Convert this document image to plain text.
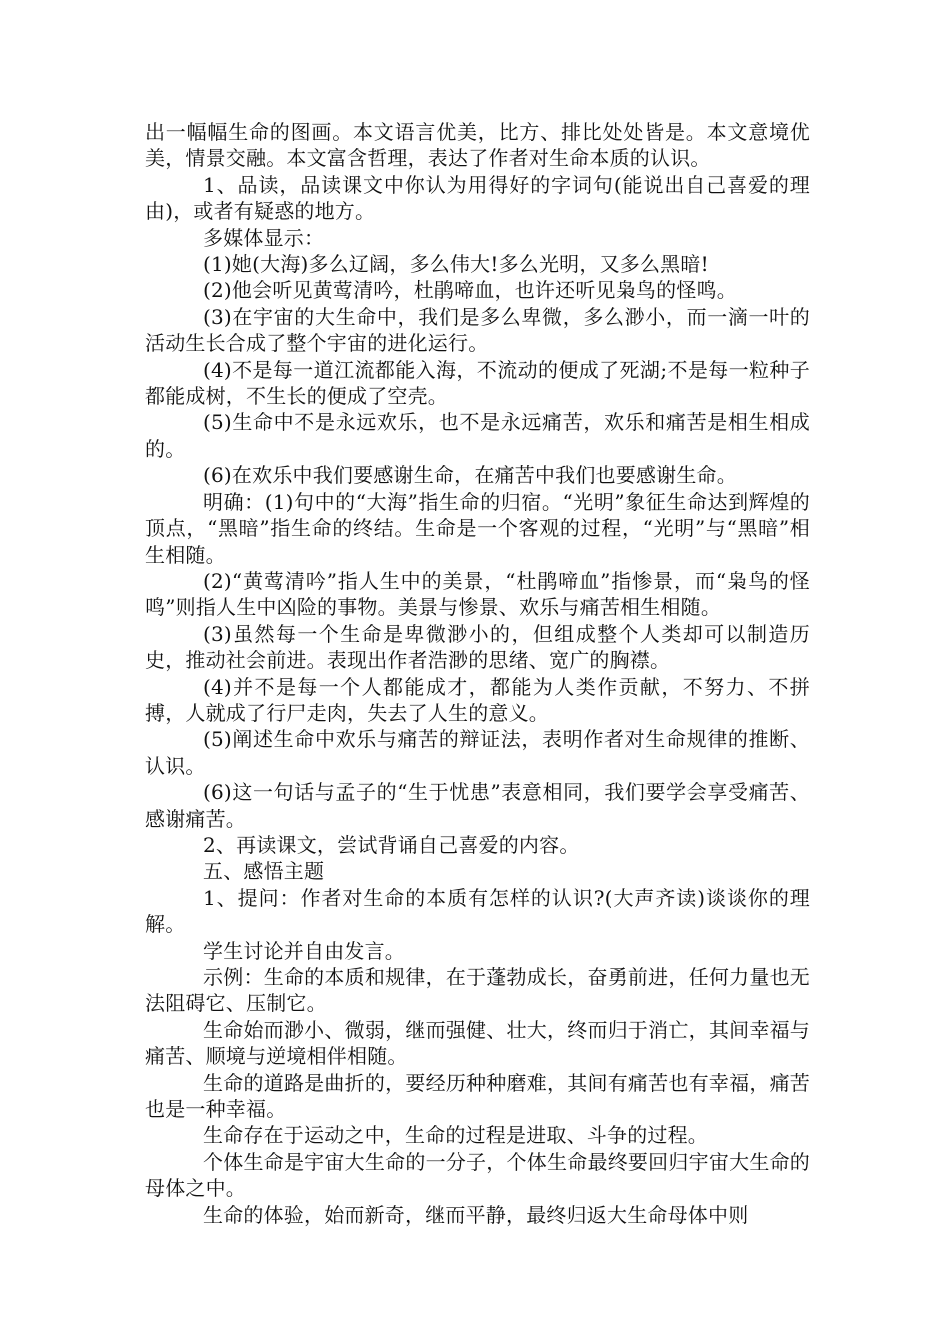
出一幅幅生命的图画。本文语言优美，比方、排比处处皆是。本文意境优美，情景交融。本文富含哲理，表达了作者对生命本质的认识。

1、品读，品读课文中你认为用得好的字词句(能说出自己喜爱的理由)，或者有疑惑的地方。

多媒体显示：

(1)她(大海)多么辽阔，多么伟大!多么光明，又多么黑暗!

(2)他会听见黄莺清吟，杜鹃啼血，也许还听见枭鸟的怪鸣。

(3)在宇宙的大生命中，我们是多么卑微，多么渺小，而一滴一叶的活动生长合成了整个宇宙的进化运行。

(4)不是每一道江流都能入海，不流动的便成了死湖;不是每一粒种子都能成树，不生长的便成了空壳。

(5)生命中不是永远欢乐，也不是永远痛苦，欢乐和痛苦是相生相成的。

(6)在欢乐中我们要感谢生命，在痛苦中我们也要感谢生命。

明确：(1)句中的“大海”指生命的归宿。“光明”象征生命达到辉煌的顶点，“黑暗”指生命的终结。生命是一个客观的过程，“光明”与“黑暗”相生相随。

(2)“黄莺清吟”指人生中的美景，“杜鹃啼血”指惨景，而“枭鸟的怪鸣”则指人生中凶险的事物。美景与惨景、欢乐与痛苦相生相随。

(3)虽然每一个生命是卑微渺小的，但组成整个人类却可以制造历史，推动社会前进。表现出作者浩渺的思绪、宽广的胸襟。

(4)并不是每一个人都能成才，都能为人类作贡献，不努力、不拼搏，人就成了行尸走肉，失去了人生的意义。

(5)阐述生命中欢乐与痛苦的辩证法，表明作者对生命规律的推断、认识。

(6)这一句话与孟子的“生于忧患”表意相同，我们要学会享受痛苦、感谢痛苦。

2、再读课文，尝试背诵自己喜爱的内容。

五、感悟主题

1、提问：作者对生命的本质有怎样的认识?(大声齐读)谈谈你的理解。

学生讨论并自由发言。

示例：生命的本质和规律，在于蓬勃成长，奋勇前进，任何力量也无法阻碍它、压制它。

生命始而渺小、微弱，继而强健、壮大，终而归于消亡，其间幸福与痛苦、顺境与逆境相伴相随。

生命的道路是曲折的，要经历种种磨难，其间有痛苦也有幸福，痛苦也是一种幸福。

生命存在于运动之中，生命的过程是进取、斗争的过程。

个体生命是宇宙大生命的一分子，个体生命最终要回归宇宙大生命的母体之中。

生命的体验，始而新奇，继而平静，最终归返大生命母体中则
